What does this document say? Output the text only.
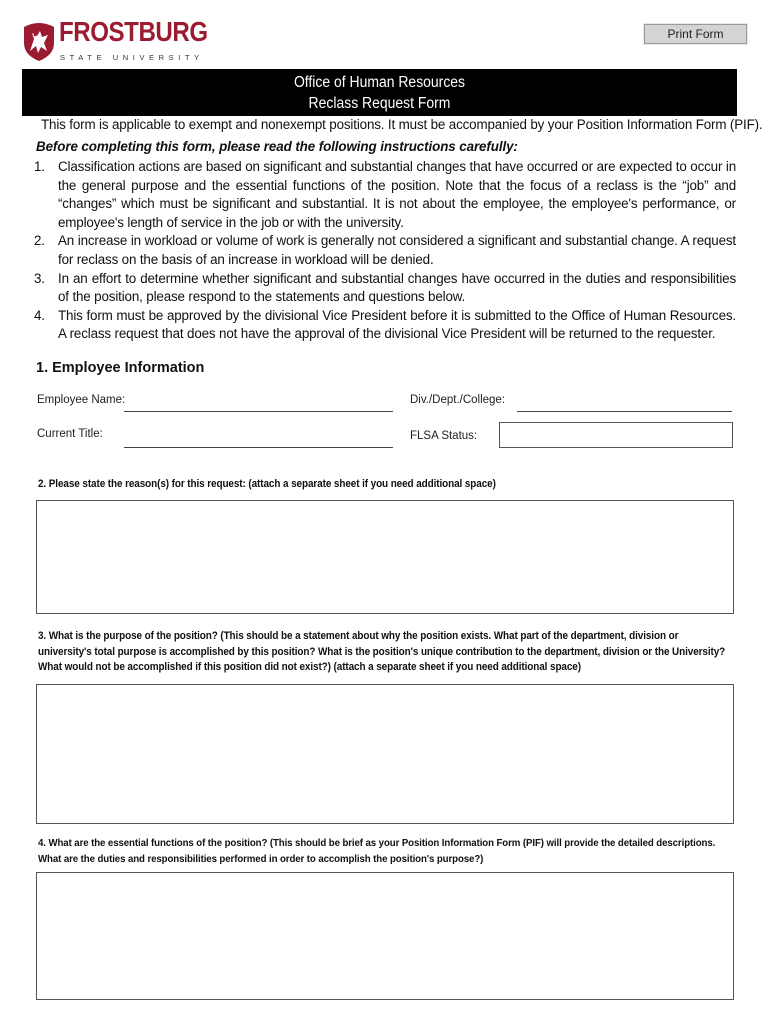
FROSTBURG
STATE UNIVERSITY
Print Form
Office of Human Resources
Reclass Request Form
This form is applicable to exempt and nonexempt positions. It must be accompanied by your Position Information Form (PIF).
Before completing this form, please read the following instructions carefully:
1. Classification actions are based on significant and substantial changes that have occurred or are expected to occur in the general purpose and the essential functions of the position. Note that the focus of a reclass is the “job” and “changes” which must be significant and substantial. It is not about the employee, the employee's performance, or employee's length of service in the job or with the university.
2. An increase in workload or volume of work is generally not considered a significant and substantial change. A request for reclass on the basis of an increase in workload will be denied.
3. In an effort to determine whether significant and substantial changes have occurred in the duties and responsibilities of the position, please respond to the statements and questions below.
4. This form must be approved by the divisional Vice President before it is submitted to the Office of Human Resources. A reclass request that does not have the approval of the divisional Vice President will be returned to the requester.
1. Employee Information
Employee Name:	Div./Dept./College:
Current Title:	FLSA Status:
2. Please state the reason(s) for this request: (attach a separate sheet if you need additional space)
3. What is the purpose of the position? (This should be a statement about why the position exists. What part of the department, division or university's total purpose is accomplished by this position? What is the position's unique contribution to the department, division or the University? What would not be accomplished if this position did not exist?) (attach a separate sheet if you need additional space)
4. What are the essential functions of the position? (This should be brief as your Position Information Form (PIF) will provide the detailed descriptions. What are the duties and responsibilities performed in order to accomplish the position's purpose?)
